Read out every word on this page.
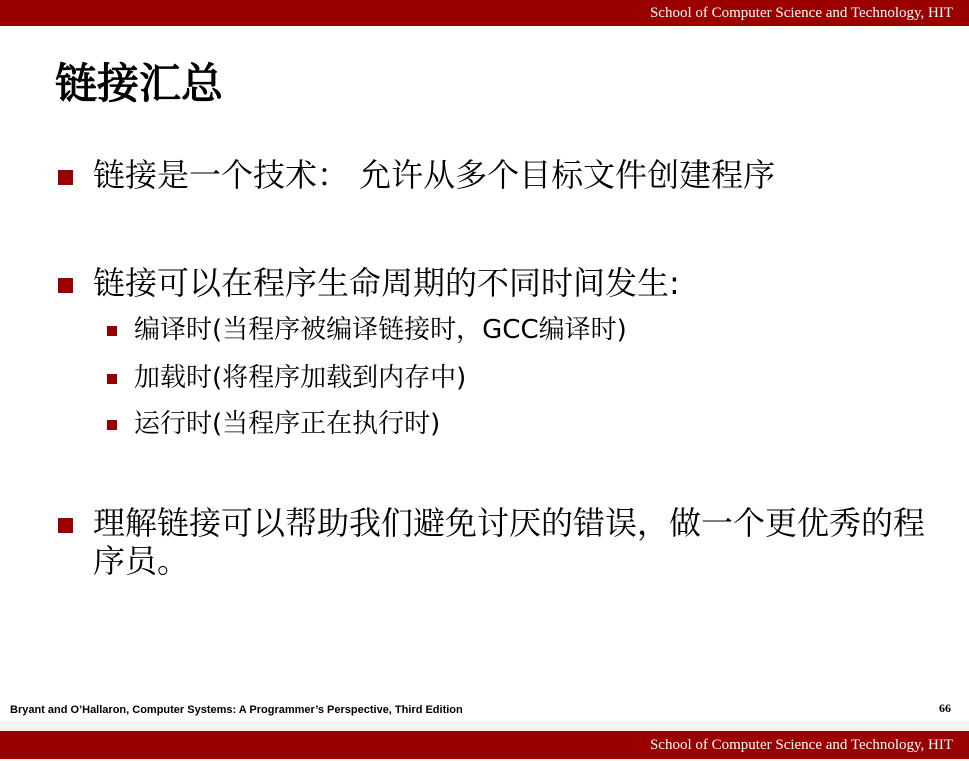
School of Computer Science and Technology, HIT
链接汇总
链接是一个技术： 允许从多个目标文件创建程序
链接可以在程序生命周期的不同时间发生:
编译时(当程序被编译链接时，GCC编译时)
加载时(将程序加载到内存中)
运行时(当程序正在执行时)
理解链接可以帮助我们避免讨厌的错误，做一个更优秀的程序员。
Bryant and O’Hallaron, Computer Systems: A Programmer’s Perspective, Third Edition	66
School of Computer Science and Technology, HIT
